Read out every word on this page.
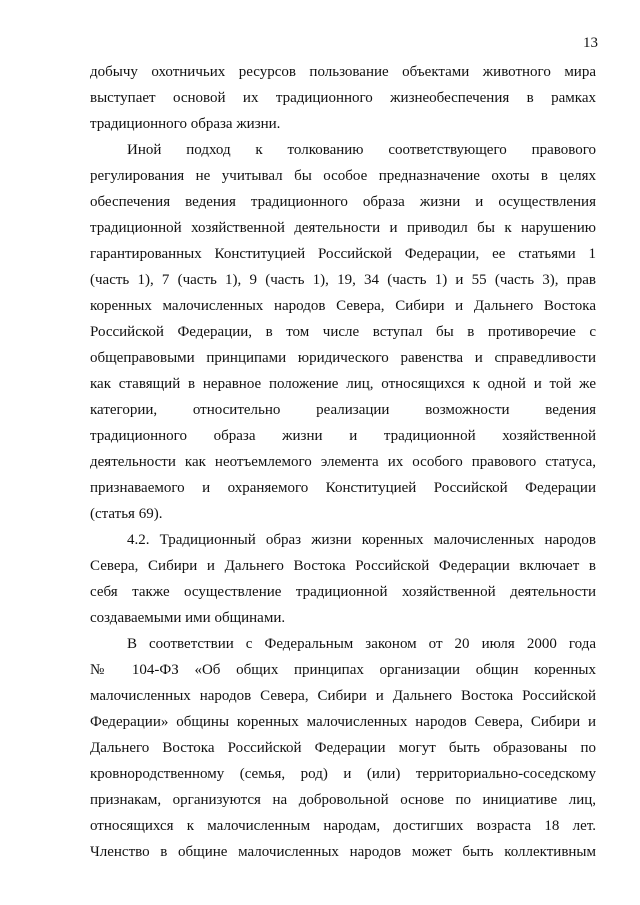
13
добычу охотничьих ресурсов пользование объектами животного мира
выступает основой их традиционного жизнеобеспечения в рамках
традиционного образа жизни.
Иной подход к толкованию соответствующего правового
регулирования не учитывал бы особое предназначение охоты в целях
обеспечения ведения традиционного образа жизни и осуществления
традиционной хозяйственной деятельности и приводил бы к нарушению
гарантированных Конституцией Российской Федерации, ее статьями 1
(часть 1), 7 (часть 1), 9 (часть 1), 19, 34 (часть 1) и 55 (часть 3), прав
коренных малочисленных народов Севера, Сибири и Дальнего Востока
Российской Федерации, в том числе вступал бы в противоречие с
общеправовыми принципами юридического равенства и справедливости
как ставящий в неравное положение лиц, относящихся к одной и той же
категории, относительно реализации возможности ведения
традиционного образа жизни и традиционной хозяйственной
деятельности как неотъемлемого элемента их особого правового статуса,
признаваемого и охраняемого Конституцией Российской Федерации
(статья 69).
4.2. Традиционный образ жизни коренных малочисленных народов
Севера, Сибири и Дальнего Востока Российской Федерации включает в
себя также осуществление традиционной хозяйственной деятельности
создаваемыми ими общинами.
В соответствии с Федеральным законом от 20 июля 2000 года
№ 104-ФЗ «Об общих принципах организации общин коренных
малочисленных народов Севера, Сибири и Дальнего Востока Российской
Федерации» общины коренных малочисленных народов Севера, Сибири и
Дальнего Востока Российской Федерации могут быть образованы по
кровнородственному (семья, род) и (или) территориально-соседскому
признакам, организуются на добровольной основе по инициативе лиц,
относящихся к малочисленным народам, достигших возраста 18 лет.
Членство в общине малочисленных народов может быть коллективным
